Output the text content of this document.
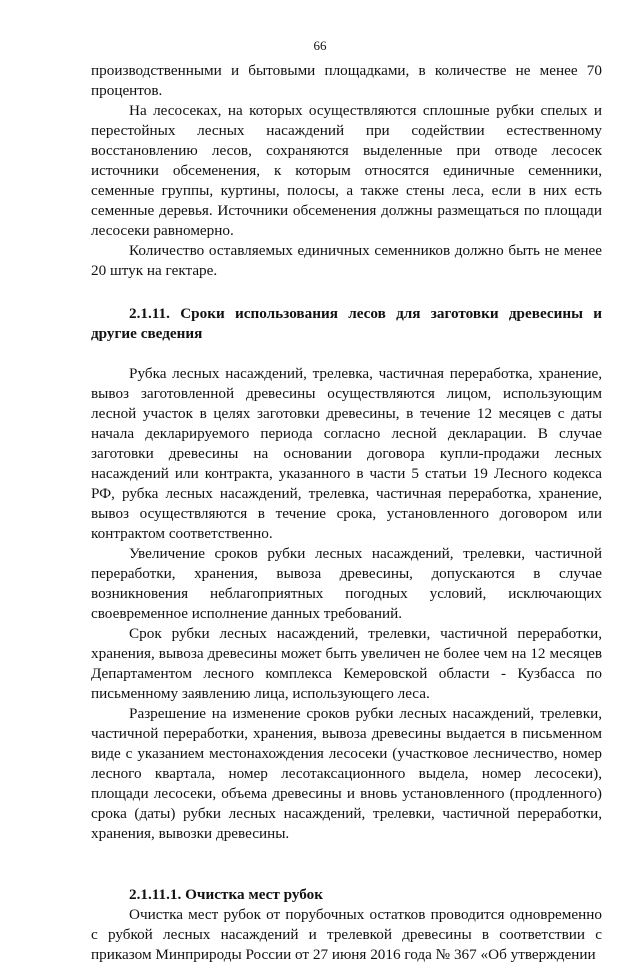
66

производственными и бытовыми площадками, в количестве не менее 70 процентов.

На лесосеках, на которых осуществляются сплошные рубки спелых и перестойных лесных насаждений при содействии естественному восстановлению лесов, сохраняются выделенные при отводе лесосек источники обсеменения, к которым относятся единичные семенники, семенные группы, куртины, полосы, а также стены леса, если в них есть семенные деревья. Источники обсеменения должны размещаться по площади лесосеки равномерно.

Количество оставляемых единичных семенников должно быть не менее 20 штук на гектаре.

2.1.11. Сроки использования лесов для заготовки древесины и другие сведения

Рубка лесных насаждений, трелевка, частичная переработка, хранение, вывоз заготовленной древесины осуществляются лицом, использующим лесной участок в целях заготовки древесины, в течение 12 месяцев с даты начала декларируемого периода согласно лесной декларации. В случае заготовки древесины на основании договора купли-продажи лесных насаждений или контракта, указанного в части 5 статьи 19 Лесного кодекса РФ, рубка лесных насаждений, трелевка, частичная переработка, хранение, вывоз осуществляются в течение срока, установленного договором или контрактом соответственно.

Увеличение сроков рубки лесных насаждений, трелевки, частичной переработки, хранения, вывоза древесины, допускаются в случае возникновения неблагоприятных погодных условий, исключающих своевременное исполнение данных требований.

Срок рубки лесных насаждений, трелевки, частичной переработки, хранения, вывоза древесины может быть увеличен не более чем на 12 месяцев Департаментом лесного комплекса Кемеровской области - Кузбасса по письменному заявлению лица, использующего леса.

Разрешение на изменение сроков рубки лесных насаждений, трелевки, частичной переработки, хранения, вывоза древесины выдается в письменном виде с указанием местонахождения лесосеки (участковое лесничество, номер лесного квартала, номер лесотаксационного выдела, номер лесосеки), площади лесосеки, объема древесины и вновь установленного (продленного) срока (даты) рубки лесных насаждений, трелевки, частичной переработки, хранения, вывозки древесины.

2.1.11.1. Очистка мест рубок

Очистка мест рубок от порубочных остатков проводится одновременно с рубкой лесных насаждений и трелевкой древесины в соответствии с приказом Минприроды России от 27 июня 2016 года № 367 «Об утверждении
